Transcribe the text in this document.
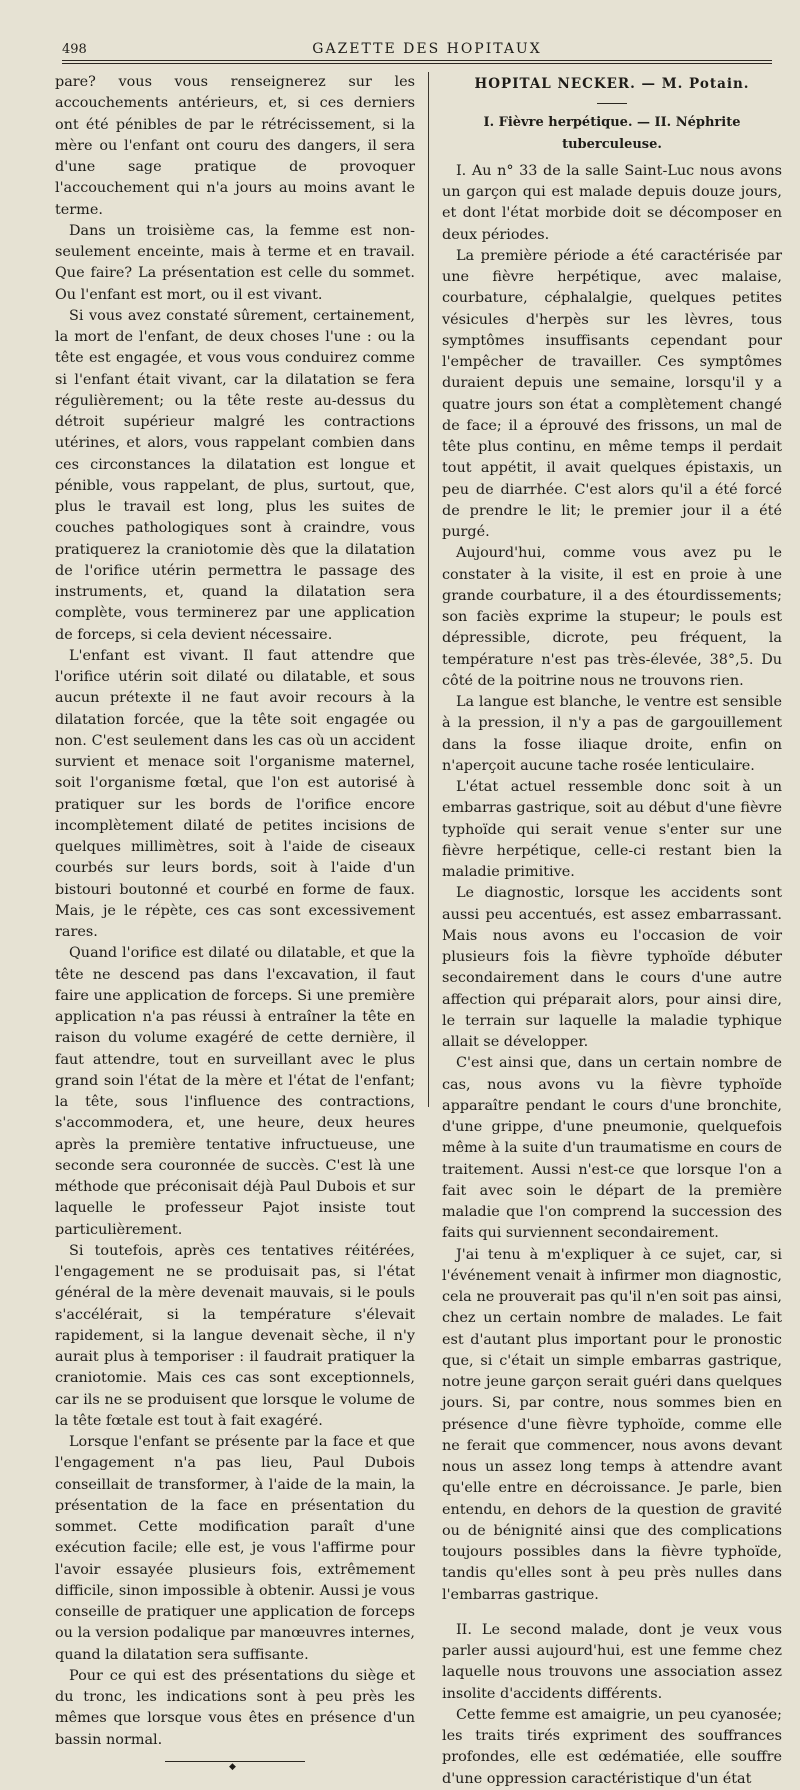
498	GAZETTE DES HOPITAUX

pare? vous vous renseignerez sur les accouchements antérieurs, et, si ces derniers ont été pénibles de par le rétrécissement, si la mère ou l'enfant ont couru des dangers, il sera d'une sage pratique de provoquer l'accouchement qui n'a jours au moins avant le terme.

Dans un troisième cas, la femme est non-seulement enceinte, mais à terme et en travail. Que faire? La présentation est celle du sommet. Ou l'enfant est mort, ou il est vivant.

Si vous avez constaté sûrement, certainement, la mort de l'enfant, de deux choses l'une : ou la tête est engagée, et vous vous conduirez comme si l'enfant était vivant, car la dilatation se fera régulièrement; ou la tête reste au-dessus du détroit supérieur malgré les contractions utérines, et alors, vous rappelant combien dans ces circonstances la dilatation est longue et pénible, vous rappelant, de plus, surtout, que, plus le travail est long, plus les suites de couches pathologiques sont à craindre, vous pratiquerez la craniotomie dès que la dilatation de l'orifice utérin permettra le passage des instruments, et, quand la dilatation sera complète, vous terminerez par une application de forceps, si cela devient nécessaire.

L'enfant est vivant. Il faut attendre que l'orifice utérin soit dilaté ou dilatable, et sous aucun prétexte il ne faut avoir recours à la dilatation forcée, que la tête soit engagée ou non. C'est seulement dans les cas où un accident survient et menace soit l'organisme maternel, soit l'organisme fœtal, que l'on est autorisé à pratiquer sur les bords de l'orifice encore incomplètement dilaté de petites incisions de quelques millimètres, soit à l'aide de ciseaux courbés sur leurs bords, soit à l'aide d'un bistouri boutonné et courbé en forme de faux. Mais, je le répète, ces cas sont excessivement rares.

Quand l'orifice est dilaté ou dilatable, et que la tête ne descend pas dans l'excavation, il faut faire une application de forceps. Si une première application n'a pas réussi à entraîner la tête en raison du volume exagéré de cette dernière, il faut attendre, tout en surveillant avec le plus grand soin l'état de la mère et l'état de l'enfant; la tête, sous l'influence des contractions, s'accommodera, et, une heure, deux heures après la première tentative infructueuse, une seconde sera couronnée de succès. C'est là une méthode que préconisait déjà Paul Dubois et sur laquelle le professeur Pajot insiste tout particulièrement.

Si toutefois, après ces tentatives réitérées, l'engagement ne se produisait pas, si l'état général de la mère devenait mauvais, si le pouls s'accélérait, si la température s'élevait rapidement, si la langue devenait sèche, il n'y aurait plus à temporiser : il faudrait pratiquer la craniotomie. Mais ces cas sont exceptionnels, car ils ne se produisent que lorsque le volume de la tête fœtale est tout à fait exagéré.

Lorsque l'enfant se présente par la face et que l'engagement n'a pas lieu, Paul Dubois conseillait de transformer, à l'aide de la main, la présentation de la face en présentation du sommet. Cette modification paraît d'une exécution facile; elle est, je vous l'affirme pour l'avoir essayée plusieurs fois, extrêmement difficile, sinon impossible à obtenir. Aussi je vous conseille de pratiquer une application de forceps ou la version podalique par manœuvres internes, quand la dilatation sera suffisante.

Pour ce qui est des présentations du siège et du tronc, les indications sont à peu près les mêmes que lorsque vous êtes en présence d'un bassin normal.

◆
HOPITAL NECKER. — M. Potain.
I. Fièvre herpétique. — II. Néphrite tuberculeuse.

I. Au n° 33 de la salle Saint-Luc nous avons un garçon qui est malade depuis douze jours, et dont l'état morbide doit se décomposer en deux périodes.

La première période a été caractérisée par une fièvre herpétique, avec malaise, courbature, céphalalgie, quelques petites vésicules d'herpès sur les lèvres, tous symptômes insuffisants cependant pour l'empêcher de travailler. Ces symptômes duraient depuis une semaine, lorsqu'il y a quatre jours son état a complètement changé de face; il a éprouvé des frissons, un mal de tête plus continu, en même temps il perdait tout appétit, il avait quelques épistaxis, un peu de diarrhée. C'est alors qu'il a été forcé de prendre le lit; le premier jour il a été purgé.

Aujourd'hui, comme vous avez pu le constater à la visite, il est en proie à une grande courbature, il a des étourdissements; son faciès exprime la stupeur; le pouls est dépressible, dicrote, peu fréquent, la température n'est pas très-élevée, 38°,5. Du côté de la poitrine nous ne trouvons rien.

La langue est blanche, le ventre est sensible à la pression, il n'y a pas de gargouillement dans la fosse iliaque droite, enfin on n'aperçoit aucune tache rosée lenticulaire.

L'état actuel ressemble donc soit à un embarras gastrique, soit au début d'une fièvre typhoïde qui serait venue s'enter sur une fièvre herpétique, celle-ci restant bien la maladie primitive.

Le diagnostic, lorsque les accidents sont aussi peu accentués, est assez embarrassant. Mais nous avons eu l'occasion de voir plusieurs fois la fièvre typhoïde débuter secondairement dans le cours d'une autre affection qui préparait alors, pour ainsi dire, le terrain sur laquelle la maladie typhique allait se développer.

C'est ainsi que, dans un certain nombre de cas, nous avons vu la fièvre typhoïde apparaître pendant le cours d'une bronchite, d'une grippe, d'une pneumonie, quelquefois même à la suite d'un traumatisme en cours de traitement. Aussi n'est-ce que lorsque l'on a fait avec soin le départ de la première maladie que l'on comprend la succession des faits qui surviennent secondairement.

J'ai tenu à m'expliquer à ce sujet, car, si l'événement venait à infirmer mon diagnostic, cela ne prouverait pas qu'il n'en soit pas ainsi, chez un certain nombre de malades. Le fait est d'autant plus important pour le pronostic que, si c'était un simple embarras gastrique, notre jeune garçon serait guéri dans quelques jours. Si, par contre, nous sommes bien en présence d'une fièvre typhoïde, comme elle ne ferait que commencer, nous avons devant nous un assez long temps à attendre avant qu'elle entre en décroissance. Je parle, bien entendu, en dehors de la question de gravité ou de bénignité ainsi que des complications toujours possibles dans la fièvre typhoïde, tandis qu'elles sont à peu près nulles dans l'embarras gastrique.

II. Le second malade, dont je veux vous parler aussi aujourd'hui, est une femme chez laquelle nous trouvons une association assez insolite d'accidents différents.

Cette femme est amaigrie, un peu cyanosée; les traits tirés expriment des souffrances profondes, elle est œdématiée, elle souffre d'une oppression caractéristique d'un état
